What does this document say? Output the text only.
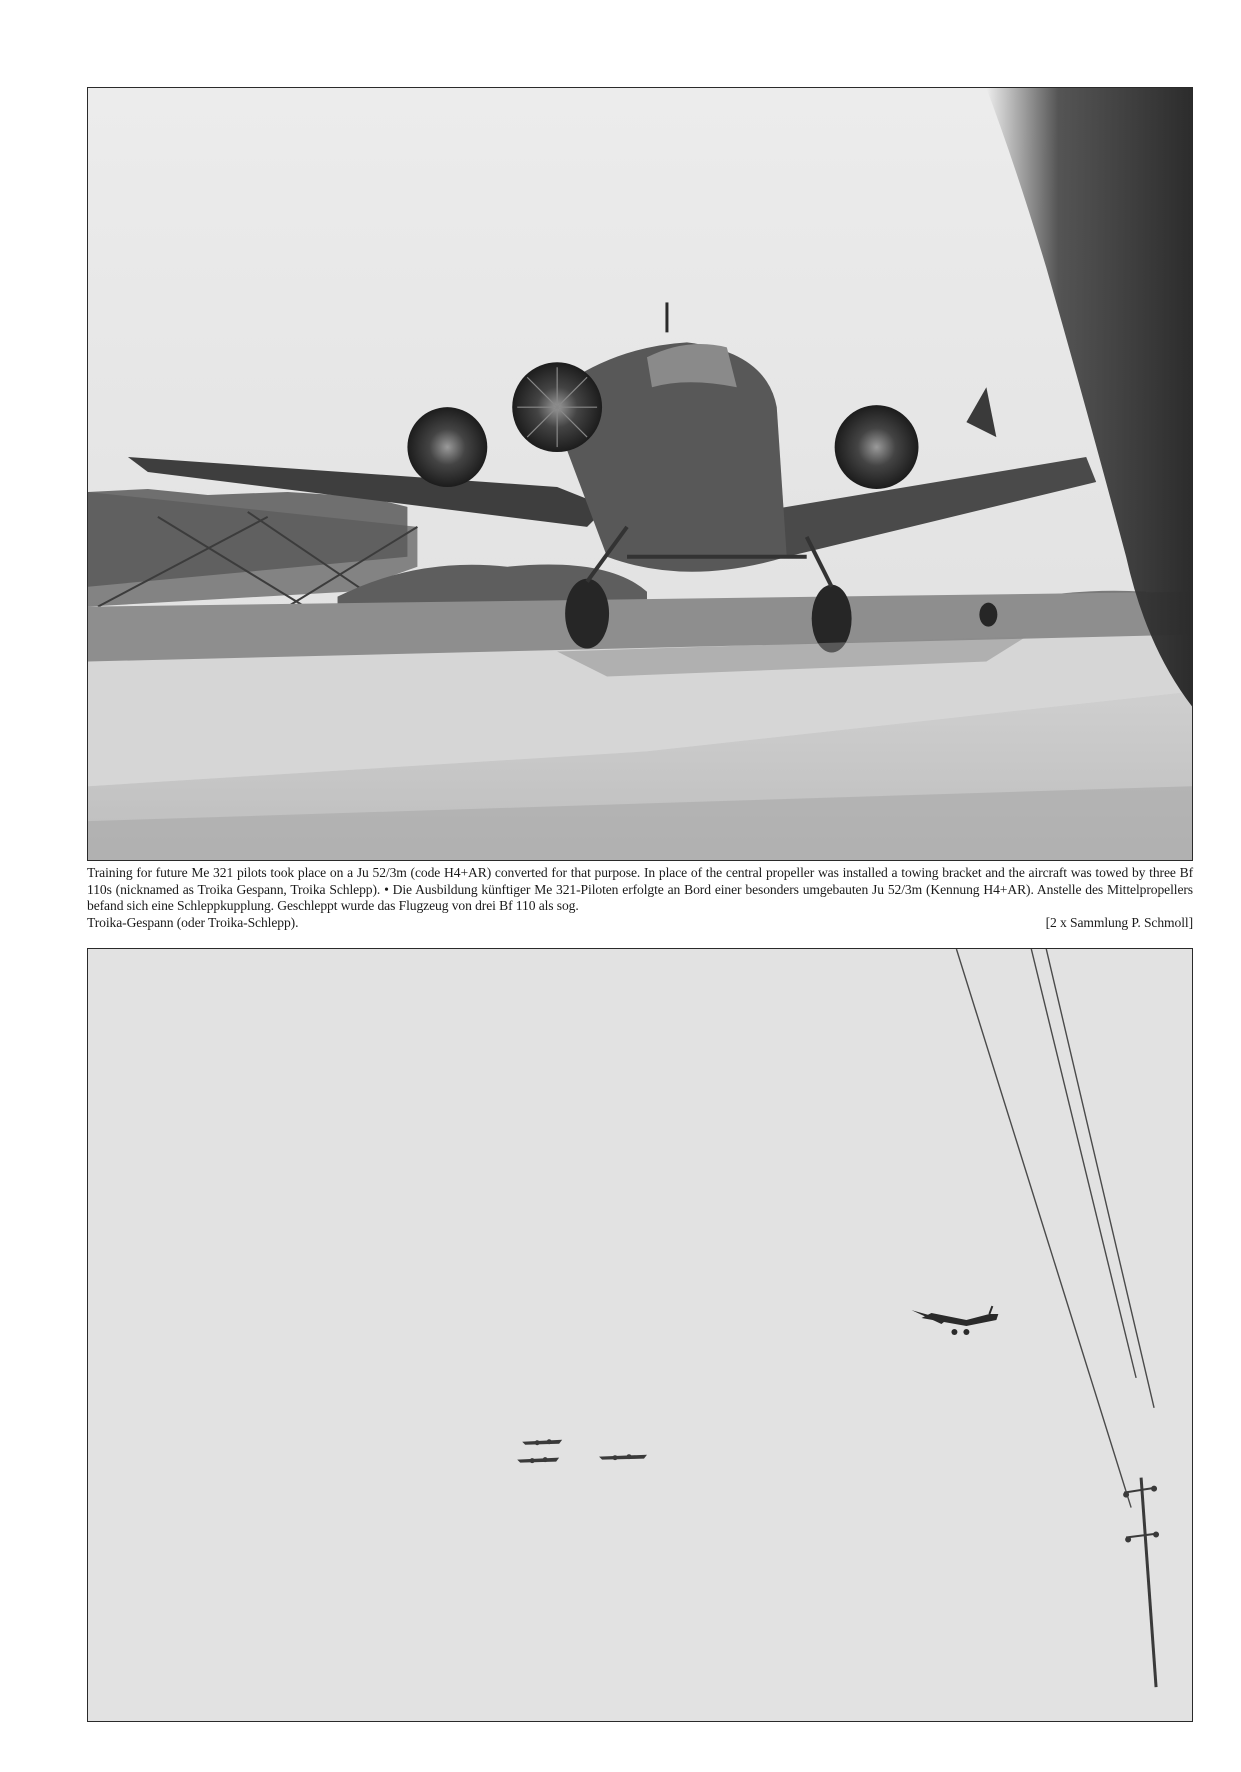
Training for future Me 321 pilots took place on a Ju 52/3m (code H4+AR) converted for that purpose. In place of the central propeller was installed a towing bracket and the aircraft was towed by three Bf 110s (nicknamed as Troika Gespann, Troika Schlepp). • Die Ausbildung künftiger Me 321-Piloten erfolgte an Bord einer besonders umgebauten Ju 52/3m (Kennung H4+AR). Anstelle des Mittelpropellers befand sich eine Schleppkupplung. Geschleppt wurde das Flugzeug von drei Bf 110 als sog.

Troika-Gespann (oder Troika-Schlepp).	[2 x Sammlung P. Schmoll]
